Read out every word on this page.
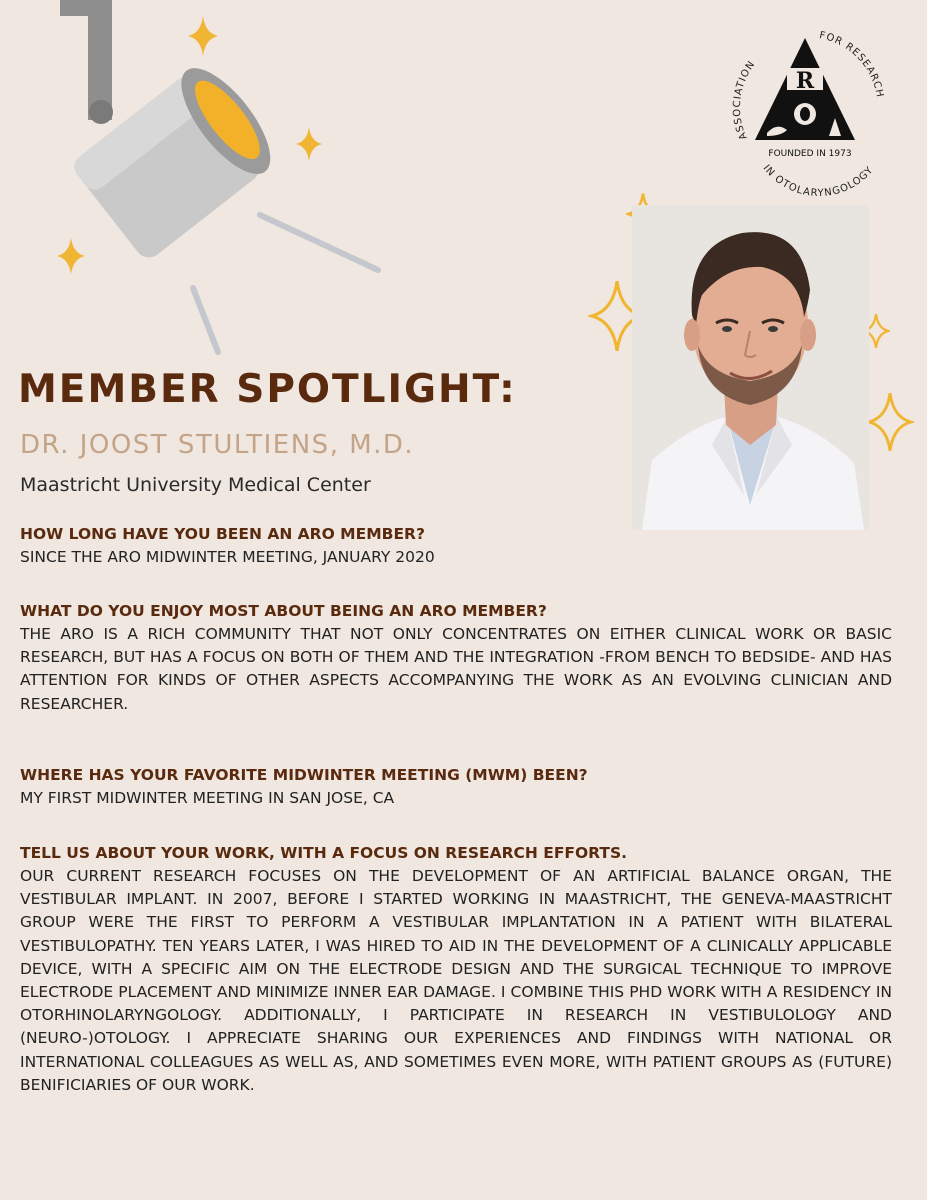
ASSOCIATION
FOR RESEARCH
IN OTOLARYNGOLOGY
R
FOUNDED IN 1973
MEMBER SPOTLIGHT:
DR. JOOST STULTIENS, M.D.
Maastricht University Medical Center
HOW LONG HAVE YOU BEEN AN ARO MEMBER?
SINCE THE ARO MIDWINTER MEETING, JANUARY 2020
WHAT DO YOU ENJOY MOST ABOUT BEING AN ARO MEMBER?
THE ARO IS A RICH COMMUNITY THAT NOT ONLY CONCENTRATES ON EITHER CLINICAL WORK OR BASIC RESEARCH, BUT HAS A FOCUS ON BOTH OF THEM AND THE INTEGRATION -FROM BENCH TO BEDSIDE- AND HAS ATTENTION FOR KINDS OF OTHER ASPECTS ACCOMPANYING THE WORK AS AN EVOLVING CLINICIAN AND RESEARCHER.
WHERE HAS YOUR FAVORITE MIDWINTER MEETING (MWM) BEEN?
MY FIRST MIDWINTER MEETING IN SAN JOSE, CA
TELL US ABOUT YOUR WORK, WITH A FOCUS ON RESEARCH EFFORTS.
OUR CURRENT RESEARCH FOCUSES ON THE DEVELOPMENT OF AN ARTIFICIAL BALANCE ORGAN, THE VESTIBULAR IMPLANT. IN 2007, BEFORE I STARTED WORKING IN MAASTRICHT, THE GENEVA-MAASTRICHT GROUP WERE THE FIRST TO PERFORM A VESTIBULAR IMPLANTATION IN A PATIENT WITH BILATERAL VESTIBULOPATHY. TEN YEARS LATER, I WAS HIRED TO AID IN THE DEVELOPMENT OF A CLINICALLY APPLICABLE DEVICE, WITH A SPECIFIC AIM ON THE ELECTRODE DESIGN AND THE SURGICAL TECHNIQUE TO IMPROVE ELECTRODE PLACEMENT AND MINIMIZE INNER EAR DAMAGE. I COMBINE THIS PHD WORK WITH A RESIDENCY IN OTORHINOLARYNGOLOGY. ADDITIONALLY, I PARTICIPATE IN RESEARCH IN VESTIBULOLOGY AND (NEURO-)OTOLOGY. I APPRECIATE SHARING OUR EXPERIENCES AND FINDINGS WITH NATIONAL OR INTERNATIONAL COLLEAGUES AS WELL AS, AND SOMETIMES EVEN MORE, WITH PATIENT GROUPS AS (FUTURE) BENIFICIARIES OF OUR WORK.
